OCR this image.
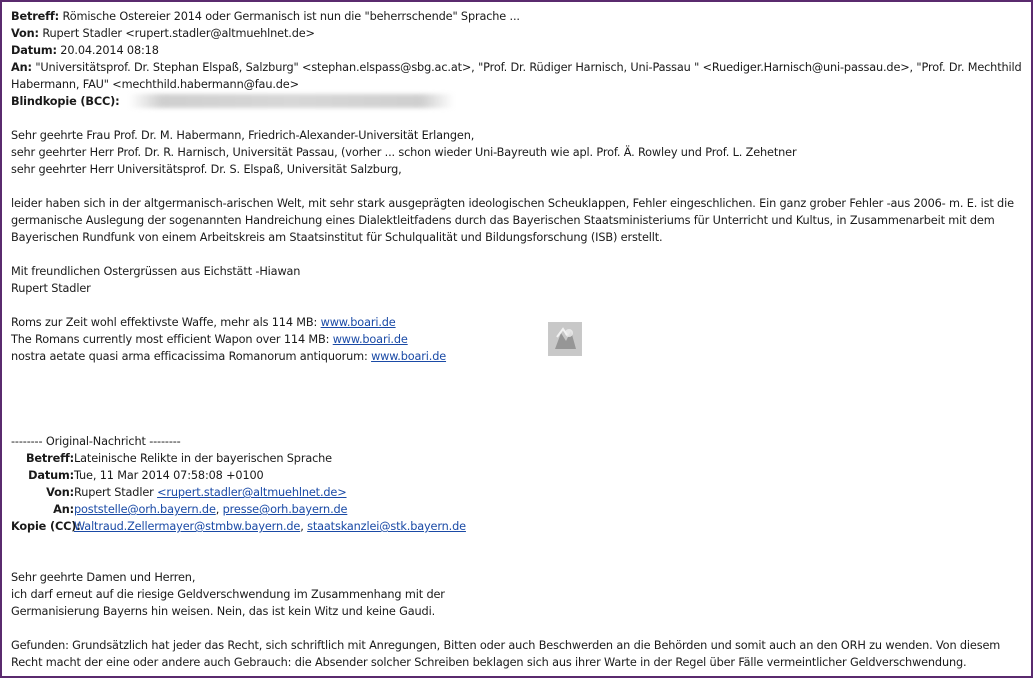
Betreff: Römische Ostereier 2014 oder Germanisch ist nun die "beherrschende" Sprache ...
Von: Rupert Stadler <rupert.stadler@altmuehlnet.de>
Datum: 20.04.2014 08:18
An: "Universitätsprof. Dr. Stephan Elspaß, Salzburg" <stephan.elspass@sbg.ac.at>, "Prof. Dr. Rüdiger Harnisch, Uni-Passau " <Ruediger.Harnisch@uni-passau.de>, "Prof. Dr. Mechthild Habermann, FAU" <mechthild.habermann@fau.de>
Blindkopie (BCC):
Sehr geehrte Frau Prof. Dr. M. Habermann, Friedrich-Alexander-Universität Erlangen,
sehr geehrter Herr Prof. Dr. R. Harnisch, Universität Passau, (vorher ... schon wieder Uni-Bayreuth wie apl. Prof. Ä. Rowley und Prof. L. Zehetner
sehr geehrter Herr Universitätsprof. Dr. S. Elspaß, Universität Salzburg,
leider haben sich in der altgermanisch-arischen Welt, mit sehr stark ausgeprägten ideologischen Scheuklappen, Fehler eingeschlichen. Ein ganz grober Fehler -aus 2006- m. E. ist die germanische Auslegung der sogenannten Handreichung eines Dialektleitfadens durch das Bayerischen Staatsministeriums für Unterricht und Kultus, in Zusammenarbeit mit dem Bayerischen Rundfunk von einem Arbeitskreis am Staatsinstitut für Schulqualität und Bildungsforschung (ISB) erstellt.
Mit freundlichen Ostergrüssen aus Eichstätt -Hiawan
Rupert Stadler
Roms zur Zeit wohl effektivste Waffe, mehr als 114 MB: www.boari.de
The Romans currently most efficient Wapon over 114 MB: www.boari.de
nostra aetate quasi arma efficacissima Romanorum antiquorum: www.boari.de
-------- Original-Nachricht --------
Betreff: Lateinische Relikte in der bayerischen Sprache
Datum: Tue, 11 Mar 2014 07:58:08 +0100
Von: Rupert Stadler <rupert.stadler@altmuehlnet.de>
An: poststelle@orh.bayern.de, presse@orh.bayern.de
Kopie (CC):
Waltraud.Zellermayer@stmbw.bayern.de, staatskanzlei@stk.bayern.de
Sehr geehrte Damen und Herren,
ich darf erneut auf die riesige Geldverschwendung im Zusammenhang mit der
Germanisierung Bayerns hin weisen. Nein, das ist kein Witz und keine Gaudi.
Gefunden: Grundsätzlich hat jeder das Recht, sich schriftlich mit Anregungen, Bitten oder auch Beschwerden an die Behörden und somit auch an den ORH zu wenden. Von diesem Recht macht der eine oder andere auch Gebrauch: die Absender solcher Schreiben beklagen sich aus ihrer Warte in der Regel über Fälle vermeintlicher Geldverschwendung.
